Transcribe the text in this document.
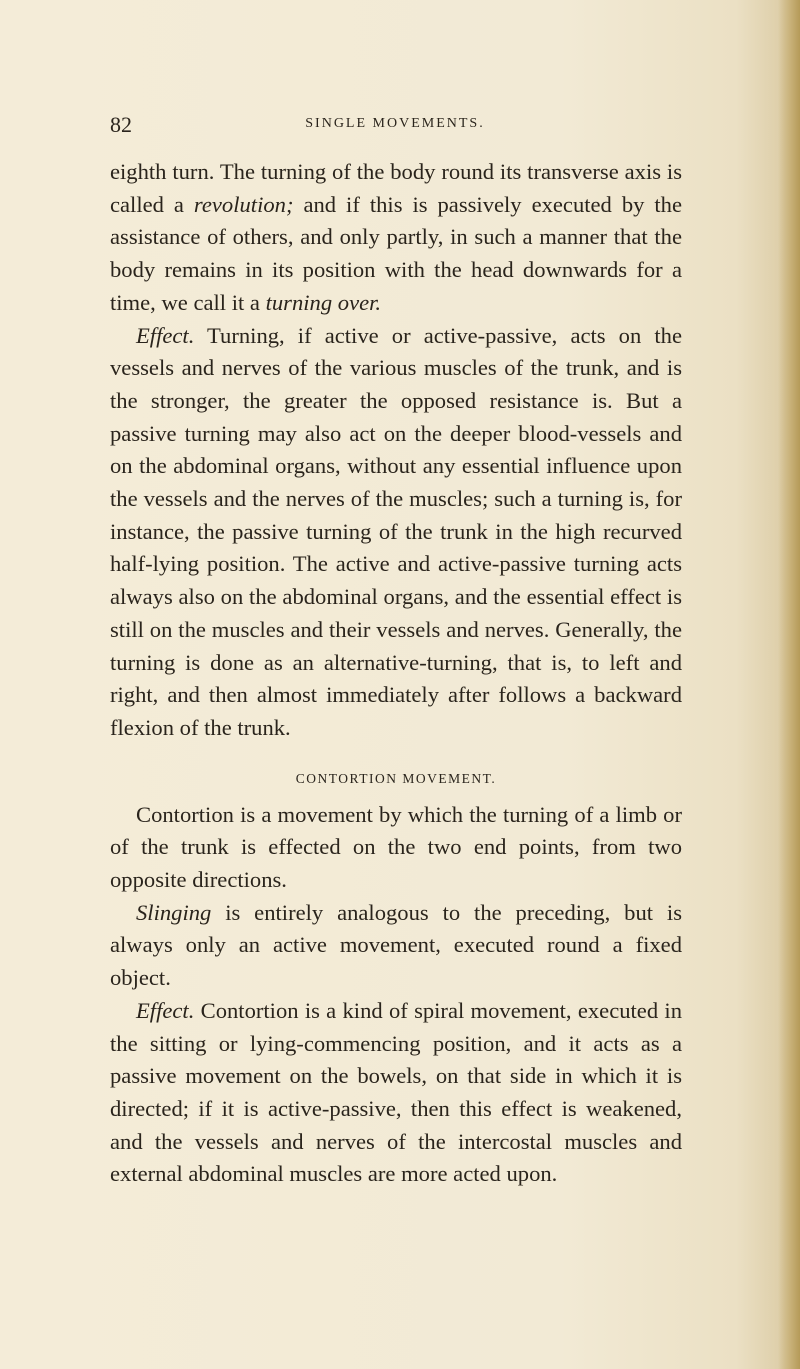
82	SINGLE MOVEMENTS.

eighth turn. The turning of the body round its transverse axis is called a revolution; and if this is passively executed by the assistance of others, and only partly, in such a manner that the body remains in its position with the head downwards for a time, we call it a turning over.

Effect. Turning, if active or active-passive, acts on the vessels and nerves of the various muscles of the trunk, and is the stronger, the greater the opposed resistance is. But a passive turning may also act on the deeper blood-vessels and on the abdominal organs, without any essential influence upon the vessels and the nerves of the muscles; such a turning is, for instance, the passive turning of the trunk in the high recurved half-lying position. The active and active-passive turning acts always also on the abdominal organs, and the essential effect is still on the muscles and their vessels and nerves. Generally, the turning is done as an alternative-turning, that is, to left and right, and then almost immediately after follows a backward flexion of the trunk.

CONTORTION MOVEMENT.

Contortion is a movement by which the turning of a limb or of the trunk is effected on the two end points, from two opposite directions.

Slinging is entirely analogous to the preceding, but is always only an active movement, executed round a fixed object.

Effect. Contortion is a kind of spiral movement, executed in the sitting or lying-commencing position, and it acts as a passive movement on the bowels, on that side in which it is directed; if it is active-passive, then this effect is weakened, and the vessels and nerves of the intercostal muscles and external abdominal muscles are more acted upon.
